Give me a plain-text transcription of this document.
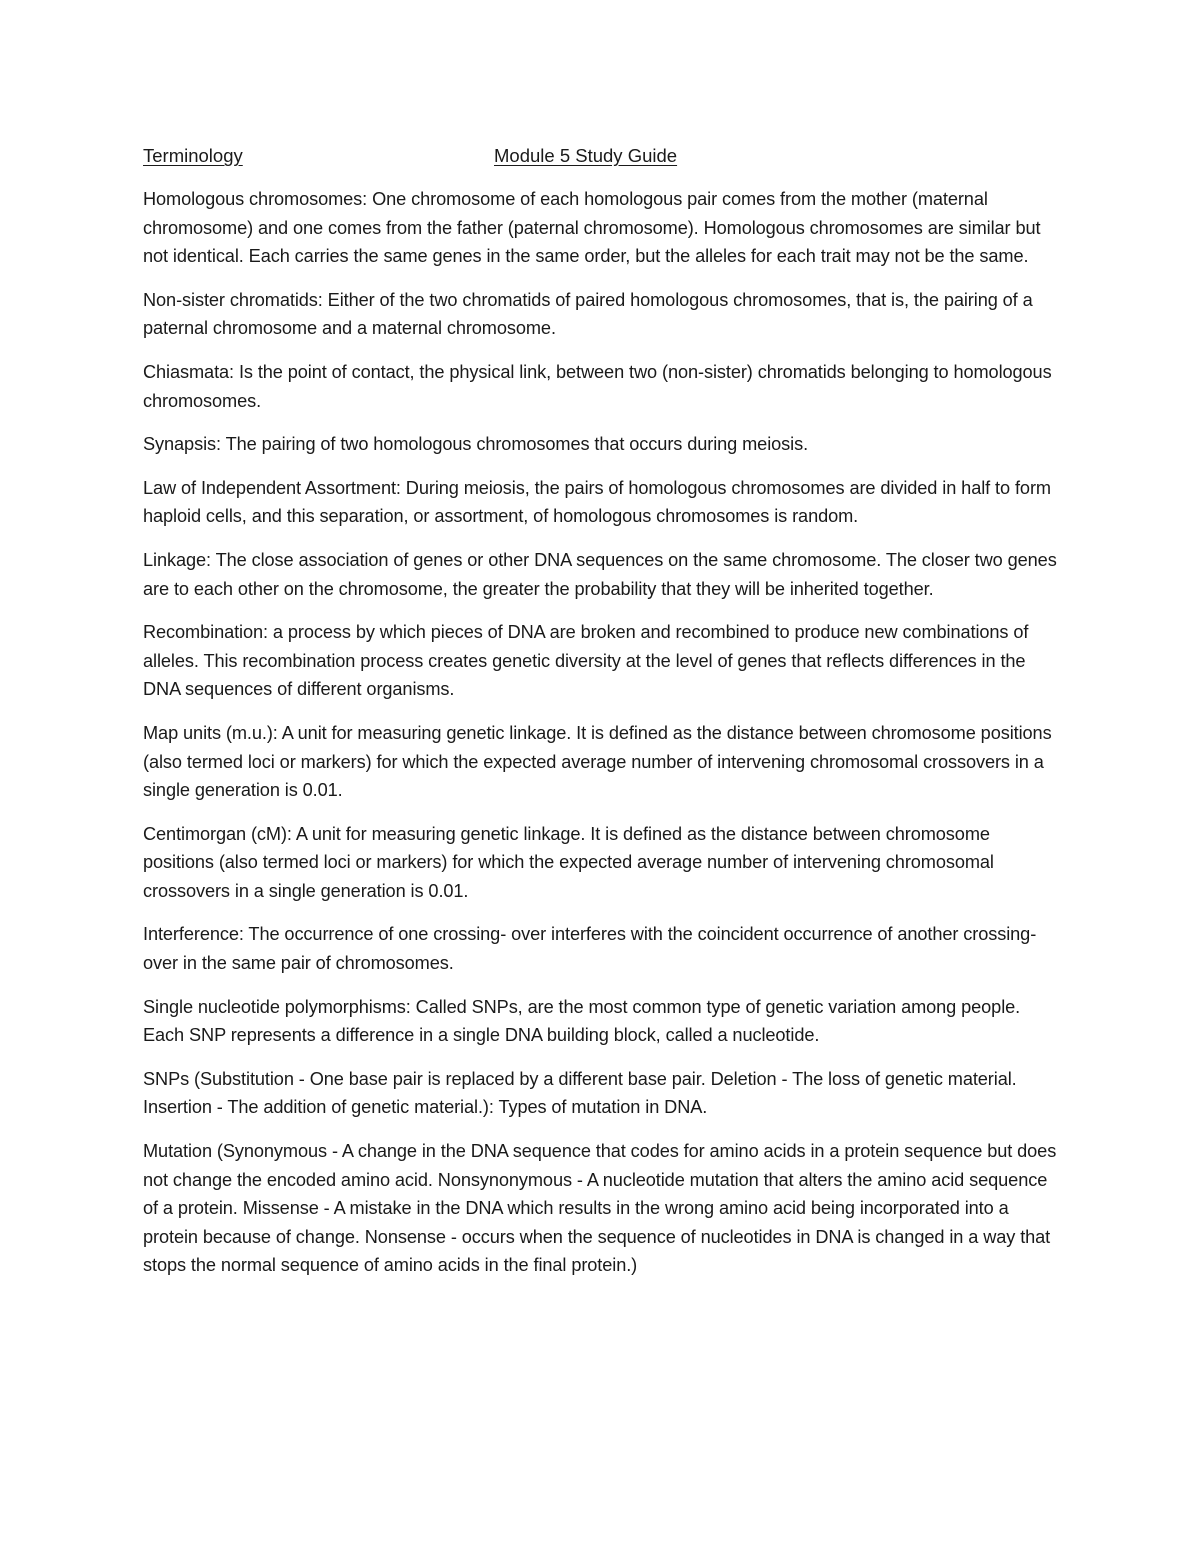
Terminology	Module 5 Study Guide

Homologous chromosomes: One chromosome of each homologous pair comes from the mother (maternal chromosome) and one comes from the father (paternal chromosome). Homologous chromosomes are similar but not identical. Each carries the same genes in the same order, but the alleles for each trait may not be the same.

Non-sister chromatids: Either of the two chromatids of paired homologous chromosomes, that is, the pairing of a paternal chromosome and a maternal chromosome.

Chiasmata: Is the point of contact, the physical link, between two (non-sister) chromatids belonging to homologous chromosomes.

Synapsis: The pairing of two homologous chromosomes that occurs during meiosis.

Law of Independent Assortment: During meiosis, the pairs of homologous chromosomes are divided in half to form haploid cells, and this separation, or assortment, of homologous chromosomes is random.

Linkage: The close association of genes or other DNA sequences on the same chromosome. The closer two genes are to each other on the chromosome, the greater the probability that they will be inherited together.

Recombination: a process by which pieces of DNA are broken and recombined to produce new combinations of alleles. This recombination process creates genetic diversity at the level of genes that reflects differences in the DNA sequences of different organisms.

Map units (m.u.): A unit for measuring genetic linkage. It is defined as the distance between chromosome positions (also termed loci or markers) for which the expected average number of intervening chromosomal crossovers in a single generation is 0.01.

Centimorgan (cM): A unit for measuring genetic linkage. It is defined as the distance between chromosome positions (also termed loci or markers) for which the expected average number of intervening chromosomal crossovers in a single generation is 0.01.

Interference: The occurrence of one crossing- over interferes with the coincident occurrence of another crossing- over in the same pair of chromosomes.

Single nucleotide polymorphisms: Called SNPs, are the most common type of genetic variation among people. Each SNP represents a difference in a single DNA building block, called a nucleotide.

SNPs (Substitution - One base pair is replaced by a different base pair. Deletion - The loss of genetic material. Insertion - The addition of genetic material.): Types of mutation in DNA.

Mutation (Synonymous - A change in the DNA sequence that codes for amino acids in a protein sequence but does not change the encoded amino acid. Nonsynonymous - A nucleotide mutation that alters the amino acid sequence of a protein. Missense - A mistake in the DNA which results in the wrong amino acid being incorporated into a protein because of change. Nonsense - occurs when the sequence of nucleotides in DNA is changed in a way that stops the normal sequence of amino acids in the final protein.)
